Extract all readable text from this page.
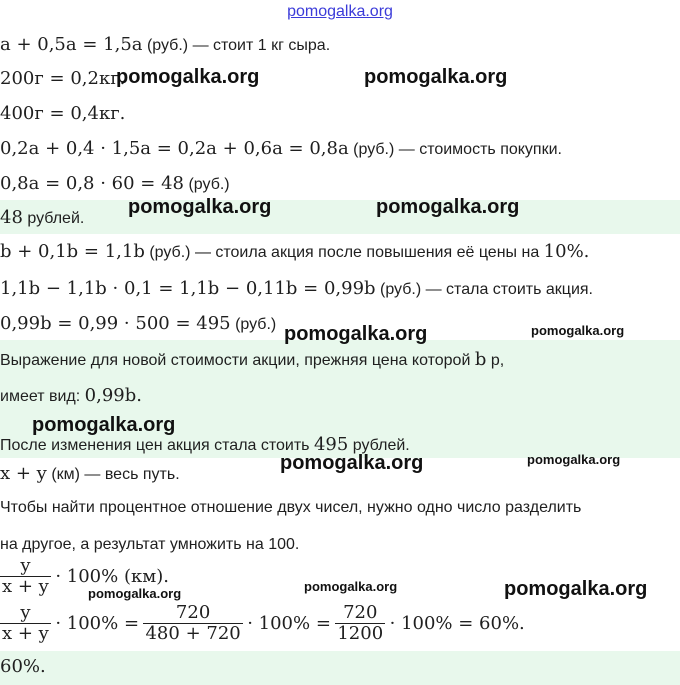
pomogalka.org
a + 0,5a = 1,5a (руб.) — стоит 1 кг сыра.
200г = 0,2кг.
400г = 0,4кг.
0,2a + 0,4 · 1,5a = 0,2a + 0,6a = 0,8a (руб.) — стоимость покупки.
0,8a = 0,8 · 60 = 48 (руб.)
48 рублей.
b + 0,1b = 1,1b (руб.) — стоила акция после повышения её цены на 10%.
1,1b − 1,1b · 0,1 = 1,1b − 0,11b = 0,99b (руб.) — стала стоить акция.
0,99b = 0,99 · 500 = 495 (руб.)
Выражение для новой стоимости акции, прежняя цена которой b р,
имеет вид: 0,99b.
После изменения цен акция стала стоить 495 рублей.
x + y (км) — весь путь.
Чтобы найти процентное отношение двух чисел, нужно одно число разделить
на другое, а результат умножить на 100.
$\frac{y}{x + y} \cdot 100\%$ (км).
$\frac{y}{x + y} \cdot 100\% = \frac{720}{480 + 720} \cdot 100\% = \frac{720}{1200} \cdot 100\% = 60\%$.
60%.
pomogalka.org	pomogalka.org
pomogalka.org	pomogalka.org
pomogalka.org	pomogalka.org
pomogalka.org
pomogalka.org	pomogalka.org
pomogalka.org	pomogalka.org
pomogalka.org
